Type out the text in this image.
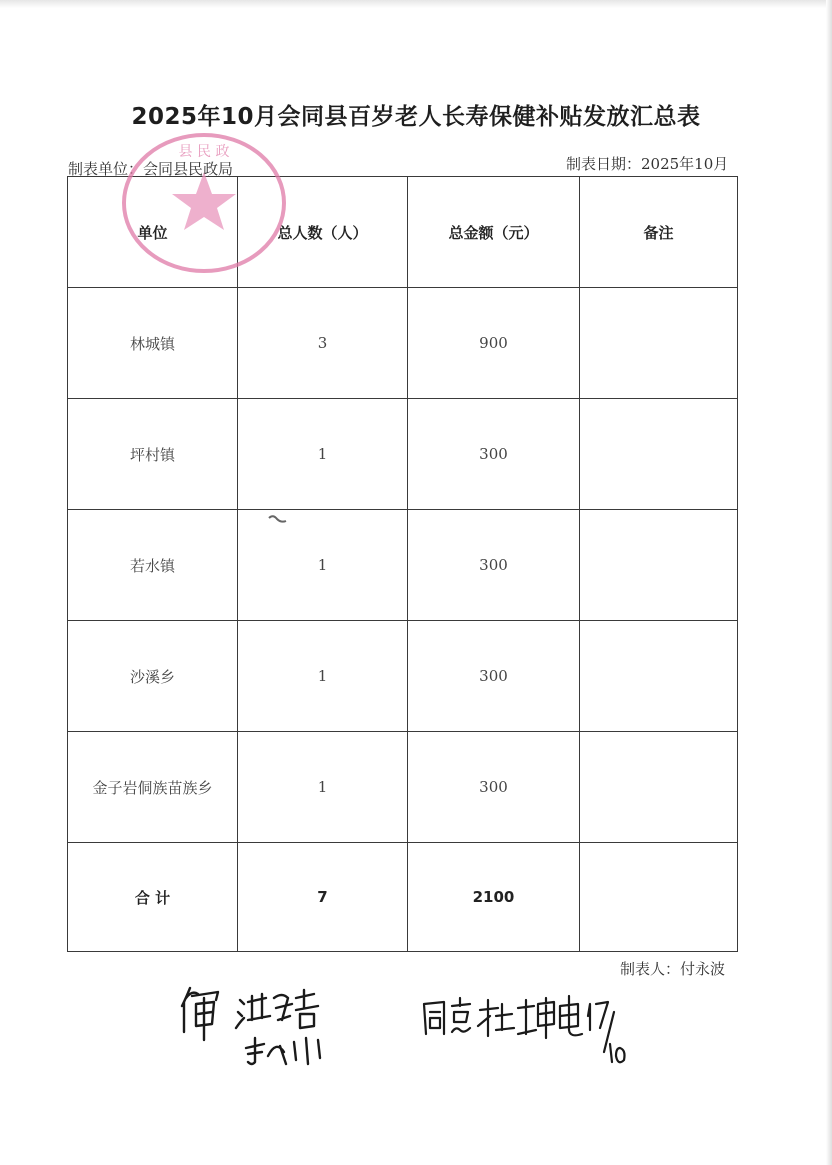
2025年10月会同县百岁老人长寿保健补贴发放汇总表
制表单位：会同县民政局	制表日期：2025年10月
单位	总人数（人）	总金额（元）	备注
林城镇	3	900	
坪村镇	1	300	
若水镇	1	300	
沙溪乡	1	300	
金子岩侗族苗族乡	1	300	
合 计	7	2100	
县 民 政
制表人：付永波
